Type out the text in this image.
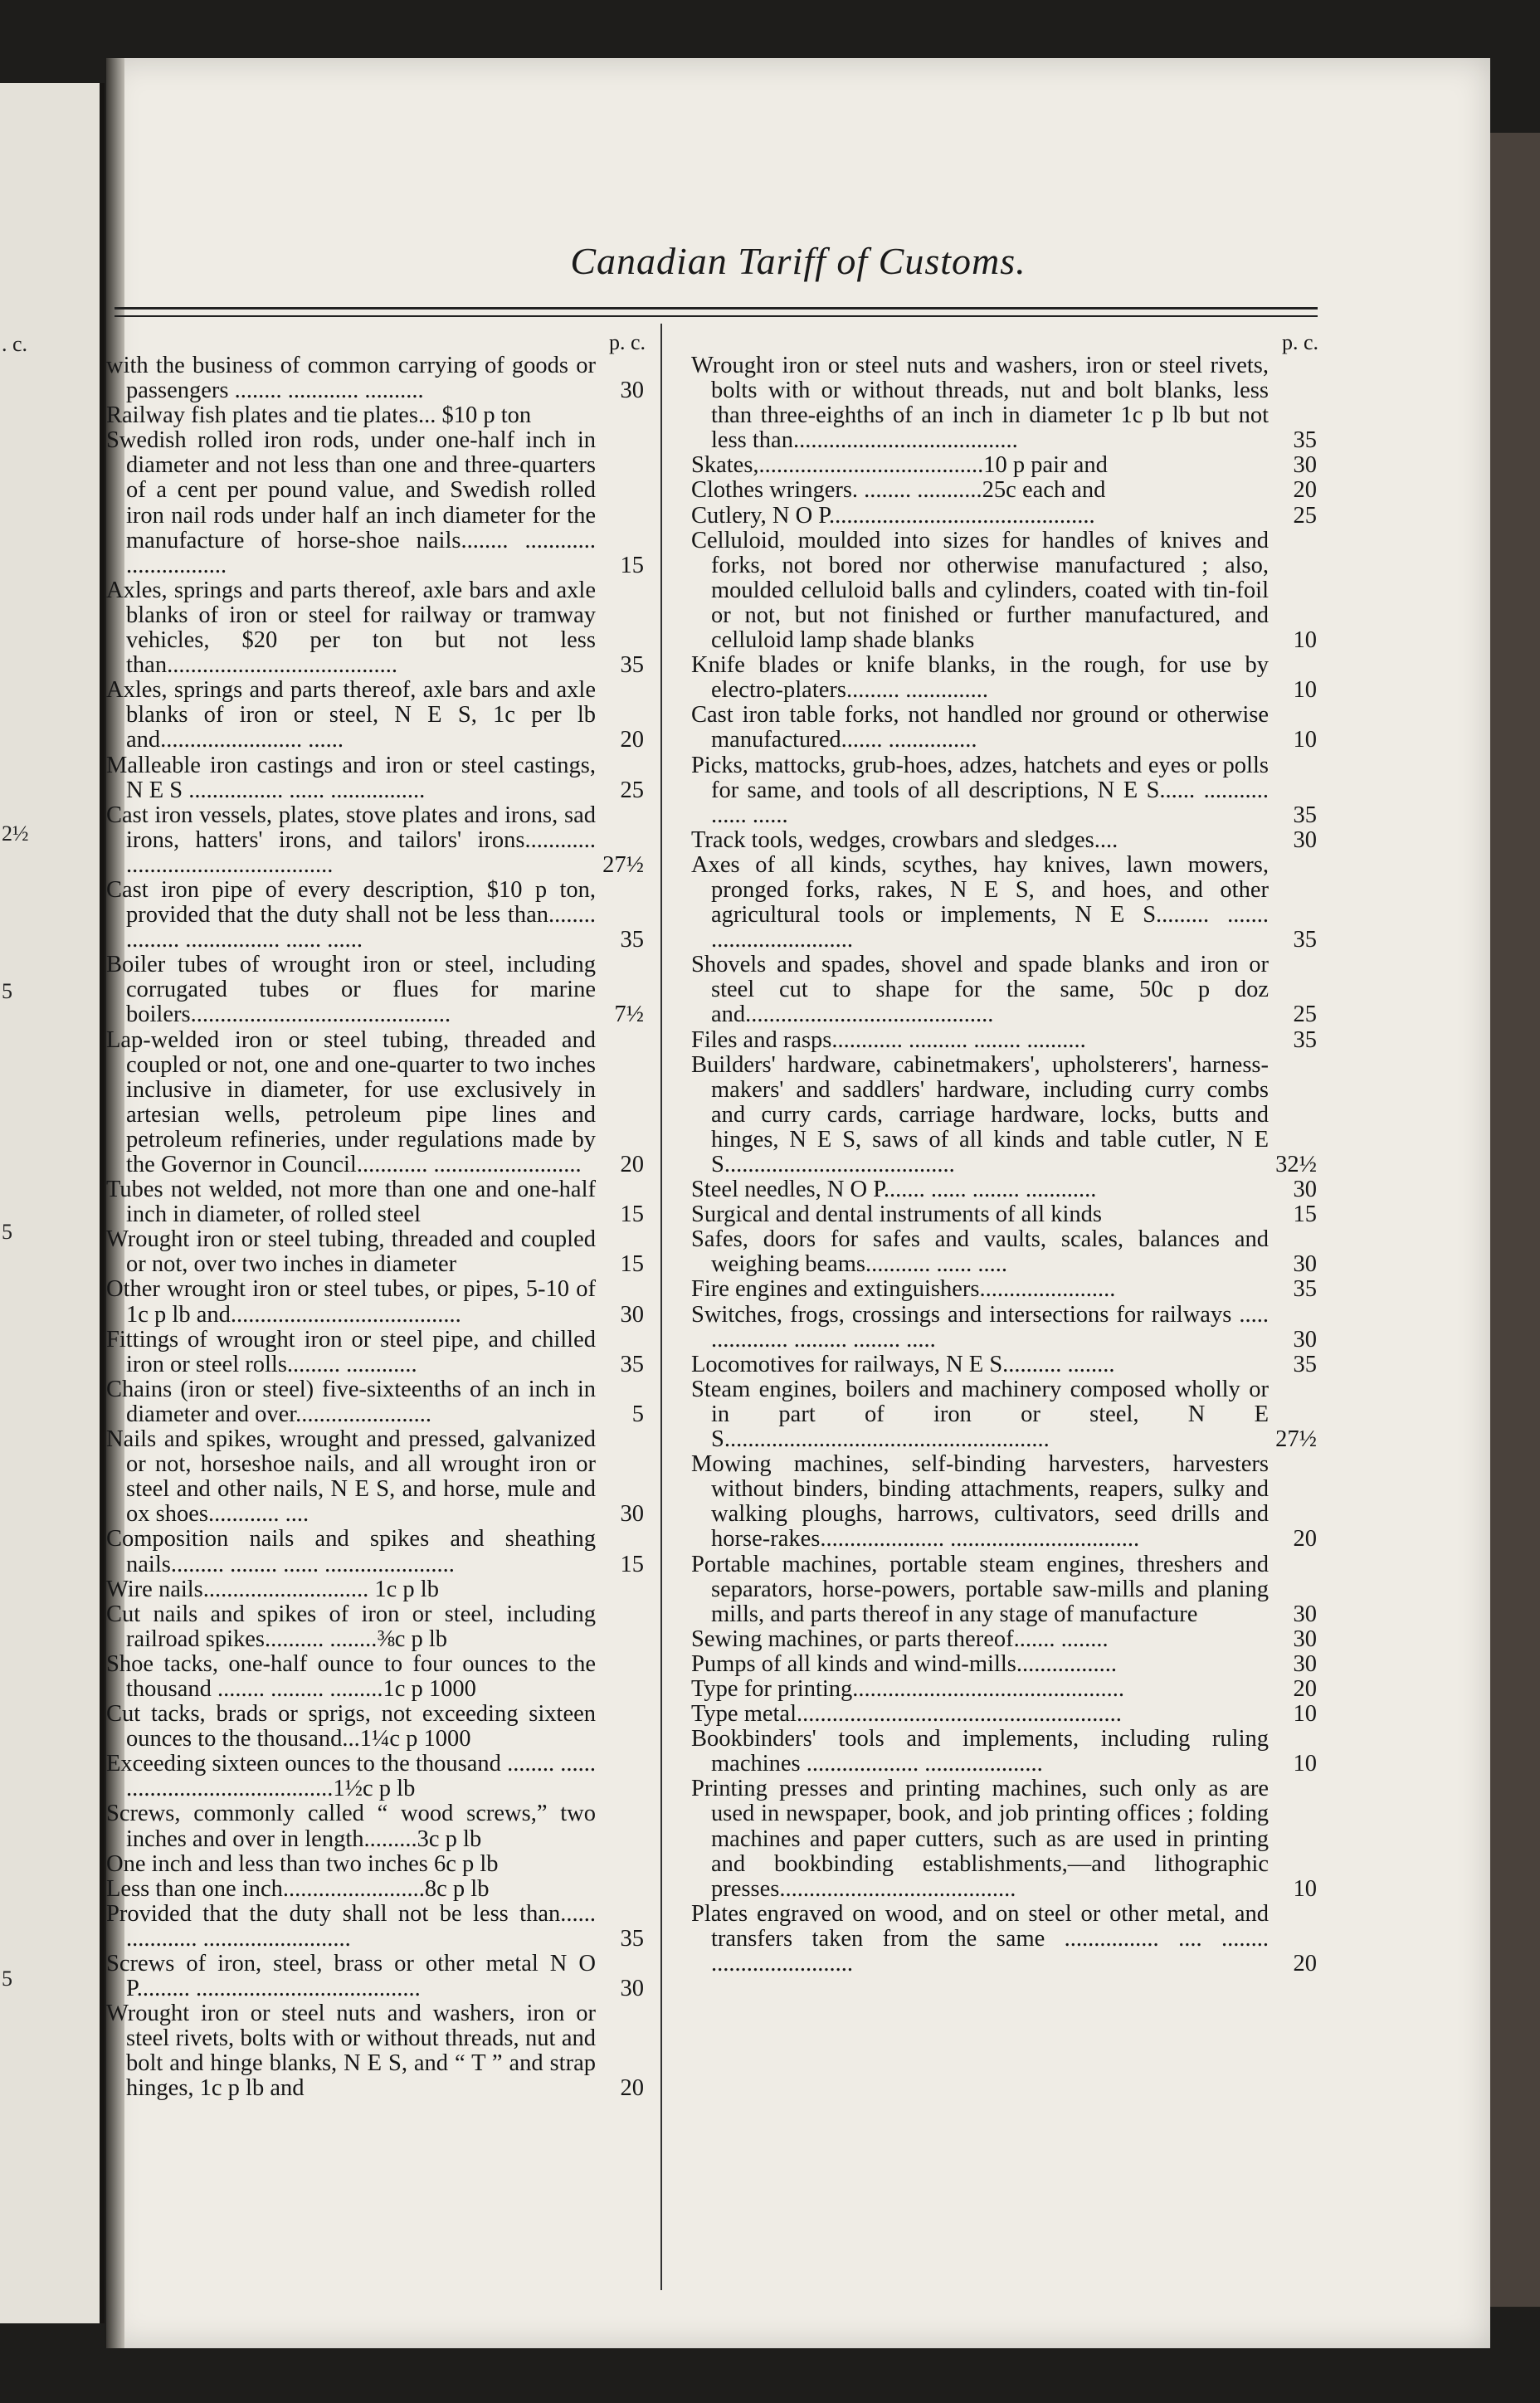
. c.
2½
5
5
5
Canadian Tariff of Customs.
p. c.
with the business of common carrying of goods or passengers ........ ............ ..........	30
Railway fish plates and tie plates... $10 p ton
Swedish rolled iron rods, under one-half inch in diameter and not less than one and three-quarters of a cent per pound value, and Swedish rolled iron nail rods under half an inch diameter for the manufacture of horse-shoe nails........ ............ .................	15
Axles, springs and parts thereof, axle bars and axle blanks of iron or steel for railway or tramway vehicles, $20 per ton but not less than.......................................	35
Axles, springs and parts thereof, axle bars and axle blanks of iron or steel, N E S, 1c per lb and........................ ......	20
Malleable iron castings and iron or steel castings, N E S ................ ...... ................	25
Cast iron vessels, plates, stove plates and irons, sad irons, hatters' irons, and tailors' irons............ ...................................	27½
Cast iron pipe of every description, $10 p ton, provided that the duty shall not be less than........ ......... ................ ...... ......	35
Boiler tubes of wrought iron or steel, including corrugated tubes or flues for marine boilers............................................	7½
Lap-welded iron or steel tubing, threaded and coupled or not, one and one-quarter to two inches inclusive in diameter, for use exclusively in artesian wells, petroleum pipe lines and petroleum refineries, under regulations made by the Governor in Council............ .........................	20
Tubes not welded, not more than one and one-half inch in diameter, of rolled steel	15
Wrought iron or steel tubing, threaded and coupled or not, over two inches in diameter	15
Other wrought iron or steel tubes, or pipes, 5-10 of 1c p lb and.......................................	30
Fittings of wrought iron or steel pipe, and chilled iron or steel rolls......... ............	35
Chains (iron or steel) five-sixteenths of an inch in diameter and over.......................	5
Nails and spikes, wrought and pressed, galvanized or not, horseshoe nails, and all wrought iron or steel and other nails, N E S, and horse, mule and ox shoes............ ....	30
Composition nails and spikes and sheathing nails......... ........ ...... ......................	15
Wire nails............................ 1c p lb
Cut nails and spikes of iron or steel, including railroad spikes.......... ........⅜c p lb
Shoe tacks, one-half ounce to four ounces to the thousand ........ ......... .........1c p 1000
Cut tacks, brads or sprigs, not exceeding sixteen ounces to the thousand...1¼c p 1000
Exceeding sixteen ounces to the thousand ........ ...... ...................................1½c p lb
Screws, commonly called “ wood screws,” two inches and over in length.........3c p lb
One inch and less than two inches 6c p lb
Less than one inch........................8c p lb
Provided that the duty shall not be less than...... ............ .........................	35
Screws of iron, steel, brass or other metal N O P......... ......................................	30
Wrought iron or steel nuts and washers, iron or steel rivets, bolts with or without threads, nut and bolt and hinge blanks, N E S, and “ T ” and strap hinges, 1c p lb and	20
p. c.
Wrought iron or steel nuts and washers, iron or steel rivets, bolts with or without threads, nut and bolt blanks, less than three-eighths of an inch in diameter 1c p lb but not less than......................................	35
Skates,......................................10 p pair and	30
Clothes wringers. ........ ...........25c each and	20
Cutlery, N O P.............................................	25
Celluloid, moulded into sizes for handles of knives and forks, not bored nor otherwise manufactured ; also, moulded celluloid balls and cylinders, coated with tin-foil or not, but not finished or further manufactured, and celluloid lamp shade blanks	10
Knife blades or knife blanks, in the rough, for use by electro-platers......... ..............	10
Cast iron table forks, not handled nor ground or otherwise manufactured....... ...............	10
Picks, mattocks, grub-hoes, adzes, hatchets and eyes or polls for same, and tools of all descriptions, N E S...... ........... ...... ......	35
Track tools, wedges, crowbars and sledges....	30
Axes of all kinds, scythes, hay knives, lawn mowers, pronged forks, rakes, N E S, and hoes, and other agricultural tools or implements, N E S......... ....... ........................	35
Shovels and spades, shovel and spade blanks and iron or steel cut to shape for the same, 50c p doz and..........................................	25
Files and rasps............ .......... ........ ..........	35
Builders' hardware, cabinetmakers', upholsterers', harness-makers' and saddlers' hardware, including curry combs and curry cards, carriage hardware, locks, butts and hinges, N E S, saws of all kinds and table cutler, N E S.......................................	32½
Steel needles, N O P....... ...... ........ ............	30
Surgical and dental instruments of all kinds	15
Safes, doors for safes and vaults, scales, balances and weighing beams........... ...... .....	30
Fire engines and extinguishers.......................	35
Switches, frogs, crossings and intersections for railways ..... ............. ......... ........ .....	30
Locomotives for railways, N E S.......... ........	35
Steam engines, boilers and machinery composed wholly or in part of iron or steel, N E S.......................................................	27½
Mowing machines, self-binding harvesters, harvesters without binders, binding attachments, reapers, sulky and walking ploughs, harrows, cultivators, seed drills and horse-rakes..................... ................................	20
Portable machines, portable steam engines, threshers and separators, horse-powers, portable saw-mills and planing mills, and parts thereof in any stage of manufacture	30
Sewing machines, or parts thereof....... ........	30
Pumps of all kinds and wind-mills.................	30
Type for printing..............................................	20
Type metal.......................................................	10
Bookbinders' tools and implements, including ruling machines ................... ....................	10
Printing presses and printing machines, such only as are used in newspaper, book, and job printing offices ; folding machines and paper cutters, such as are used in printing and bookbinding establishments,—and lithographic presses........................................	10
Plates engraved on wood, and on steel or other metal, and transfers taken from the same ................ .... ........ ........................	20
